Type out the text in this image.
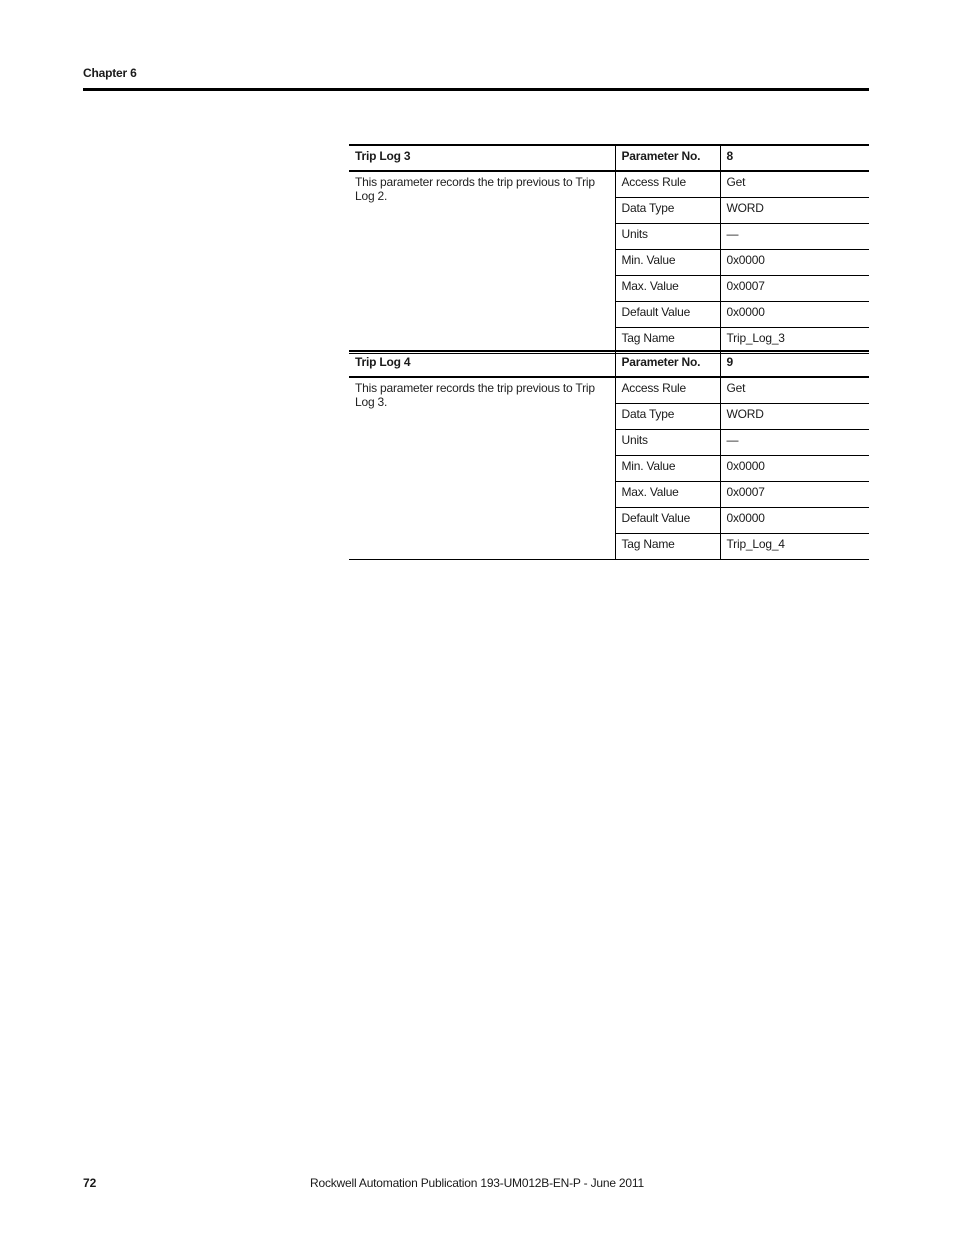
Chapter 6
Trip Log 3	Parameter No.	8
This parameter records the trip previous to Trip Log 2.	Access Rule	Get
	Data Type	WORD
	Units	—
	Min. Value	0x0000
	Max. Value	0x0007
	Default Value	0x0000
	Tag Name	Trip_Log_3
Trip Log 4	Parameter No.	9
This parameter records the trip previous to Trip Log 3.	Access Rule	Get
	Data Type	WORD
	Units	—
	Min. Value	0x0000
	Max. Value	0x0007
	Default Value	0x0000
	Tag Name	Trip_Log_4
72	Rockwell Automation Publication 193-UM012B-EN-P - June 2011
